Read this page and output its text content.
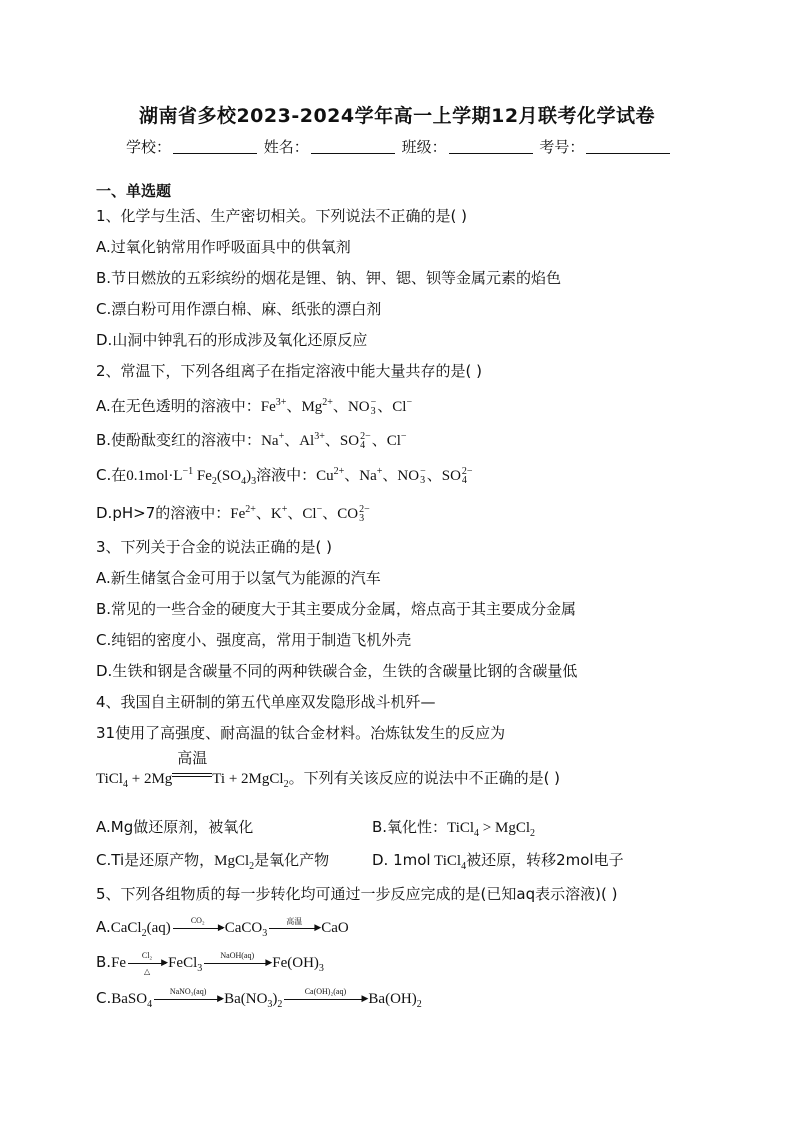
湖南省多校2023-2024学年高一上学期12月联考化学试卷
学校：	姓名：	班级：	考号：
一、单选题
1、化学与生活、生产密切相关。下列说法不正确的是( )
A.过氧化钠常用作呼吸面具中的供氧剂
B.节日燃放的五彩缤纷的烟花是锂、钠、钾、锶、钡等金属元素的焰色
C.漂白粉可用作漂白棉、麻、纸张的漂白剂
D.山洞中钟乳石的形成涉及氧化还原反应
2、常温下，下列各组离子在指定溶液中能大量共存的是( )
A.在无色透明的溶液中：$Fe^{3+}$、$Mg^{2+}$、NO −
3 、Cl−
B.使酚酞变红的溶液中：Na+、$Al^{3+}$、SO 2−
4 、Cl−
C.在$0.1mol\cdot L^{-1}$ $Fe_2(SO_4)_3$溶液中：$Cu^{2+}$、Na+、NO −
3 、SO 2−
4
D.pH>7的溶液中：$Fe^{2+}$、K+、Cl−、CO 2−
3
3、下列关于合金的说法正确的是( )
A.新生储氢合金可用于以氢气为能源的汽车
B.常见的一些合金的硬度大于其主要成分金属，熔点高于其主要成分金属
C.纯铝的密度小、强度高，常用于制造飞机外壳
D.生铁和钢是含碳量不同的两种铁碳合金，生铁的含碳量比钢的含碳量低
4、我国自主研制的第五代单座双发隐形战斗机歼—
31使用了高强度、耐高温的钛合金材料。冶炼钛发生的反应为
TiCl$_4$ + 2Mg
高温
Ti + 2MgCl$_2$。下列有关该反应的说法中不正确的是( )
A.Mg做还原剂，被氧化	B.氧化性：TiCl$_4$ > MgCl$_2$
C.Ti是还原产物，MgCl$_2$是氧化产物	D. 1mol TiCl$_4$被还原，转移2mol电子
5、下列各组物质的每一步转化均可通过一步反应完成的是(已知aq表示溶液)( )
A.CaCl$_2$(aq)	CO₂
▶ CaCO$_3$
高温
▶ CaO
B.Fe	Cl₂
▶
△	FeCl$_3$
NaOH(aq)
▶ $Fe(OH)_3$
C.BaSO$_4$
NaNO₃(aq)
▶ $Ba(NO_3)_2$
Ca(OH)₂(aq)
▶ $Ba(OH)_2$
